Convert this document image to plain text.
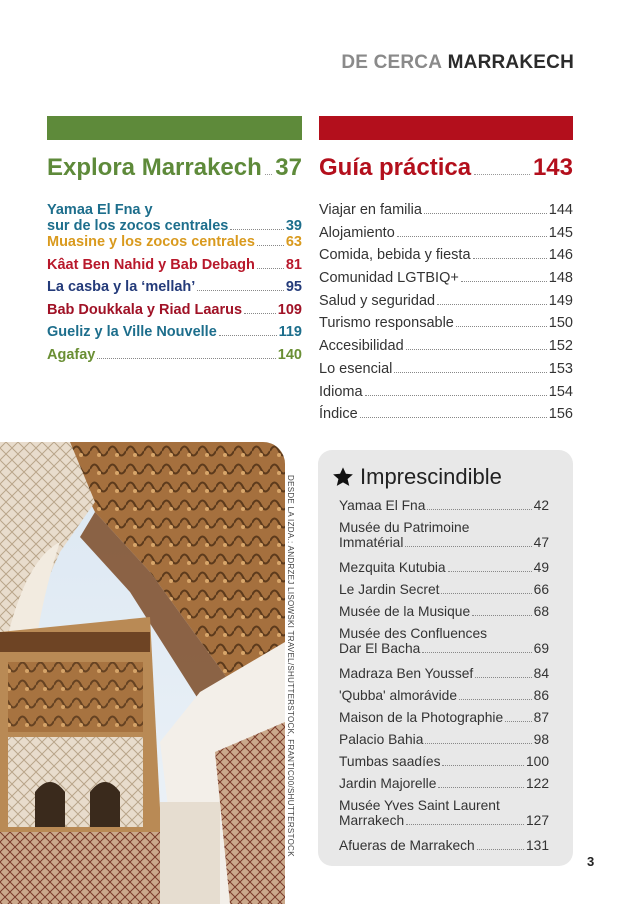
DE CERCA MARRAKECH
Explora Marrakech 37 Guía práctica	143
Yamaa El Fna y
sur de los zocos centrales	39
Muasine y los zocos centrales 63
Kâat Ben Nahid y Bab Debagh 81
La casba y la ‘mellah’	95
Bab Doukkala y Riad Laarus 109
Gueliz y la Ville Nouvelle	119
Agafay	140
Viajar en familia	144
Alojamiento	145
Comida, bebida y fiesta	146
Comunidad LGTBIQ+	148
Salud y seguridad	149
Turismo responsable	150
Accesibilidad	152
Lo esencial	153
Idioma	154
Índice	156
DESDE LA IZDA.: ANDRZEJ LISOWSKI TRAVEL/SHUTTERSTOCK, FRANTIC00/SHUTTERSTOCK	Imprescindible
Yamaa El Fna	42
Musée du Patrimoine
Immatérial	47
Mezquita Kutubia	49
Le Jardin Secret	66
Musée de la Musique	68
Musée des Confluences
Dar El Bacha	69
Madraza Ben Youssef	84
'Qubba' almorávide	86
Maison de la Photographie 87
Palacio Bahia	98
Tumbas saadíes	100
Jardin Majorelle	122
Musée Yves Saint Laurent
Marrakech	127
Afueras de Marrakech	131
3
